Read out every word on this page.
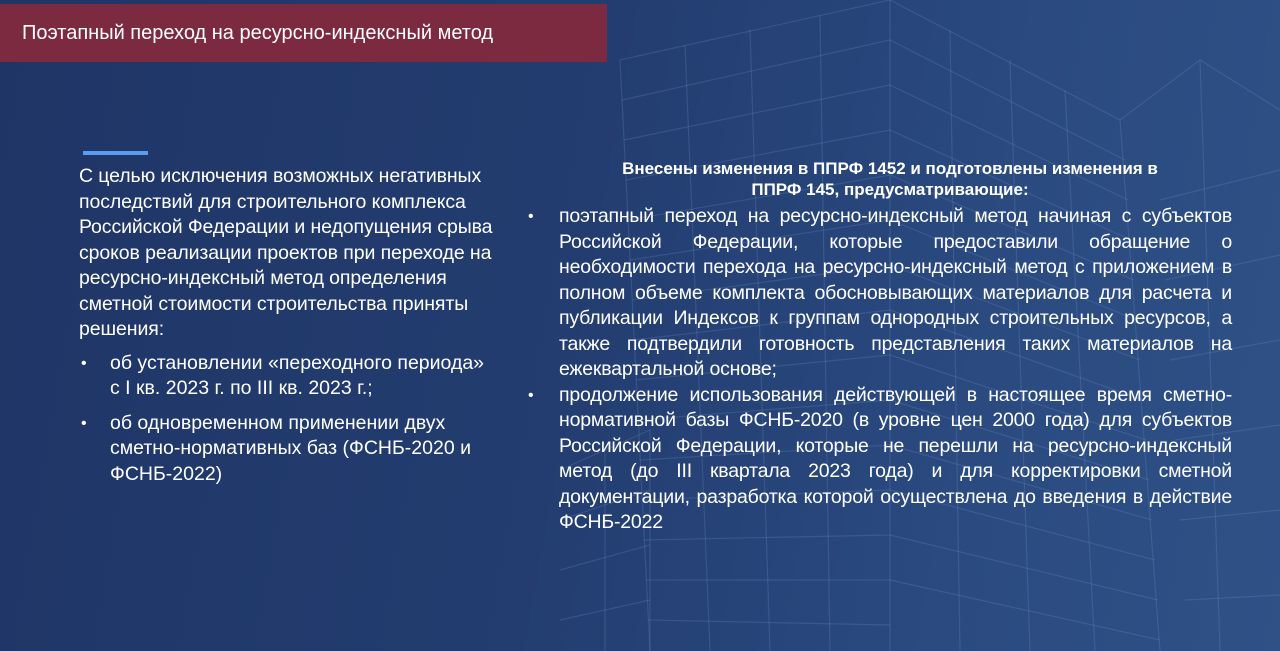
Поэтапный переход на ресурсно-индексный метод

С целью исключения возможных негативных последствий для строительного комплекса Российской Федерации и недопущения срыва сроков реализации проектов при переходе на ресурсно-индексный метод определения сметной стоимости строительства приняты решения:

• об установлении «переходного периода» с I кв. 2023 г. по III кв. 2023 г.;
• об одновременном применении двух сметно-нормативных баз (ФСНБ-2020 и ФСНБ-2022)
Внесены изменения в ППРФ 1452 и подготовлены изменения в
ППРФ 145, предусматривающие:
• поэтапный переход на ресурсно-индексный метод начиная с субъектов Российской Федерации, которые предоставили обращение о необходимости перехода на ресурсно-индексный метод с приложением в полном объеме комплекта обосновывающих материалов для расчета и публикации Индексов к группам однородных строительных ресурсов, а также подтвердили готовность представления таких материалов на ежеквартальной основе;
• продолжение использования действующей в настоящее время сметно-нормативной базы ФСНБ-2020 (в уровне цен 2000 года) для субъектов Российской Федерации, которые не перешли на ресурсно-индексный метод (до III квартала 2023 года) и для корректировки сметной документации, разработка которой осуществлена до введения в действие ФСНБ-2022
